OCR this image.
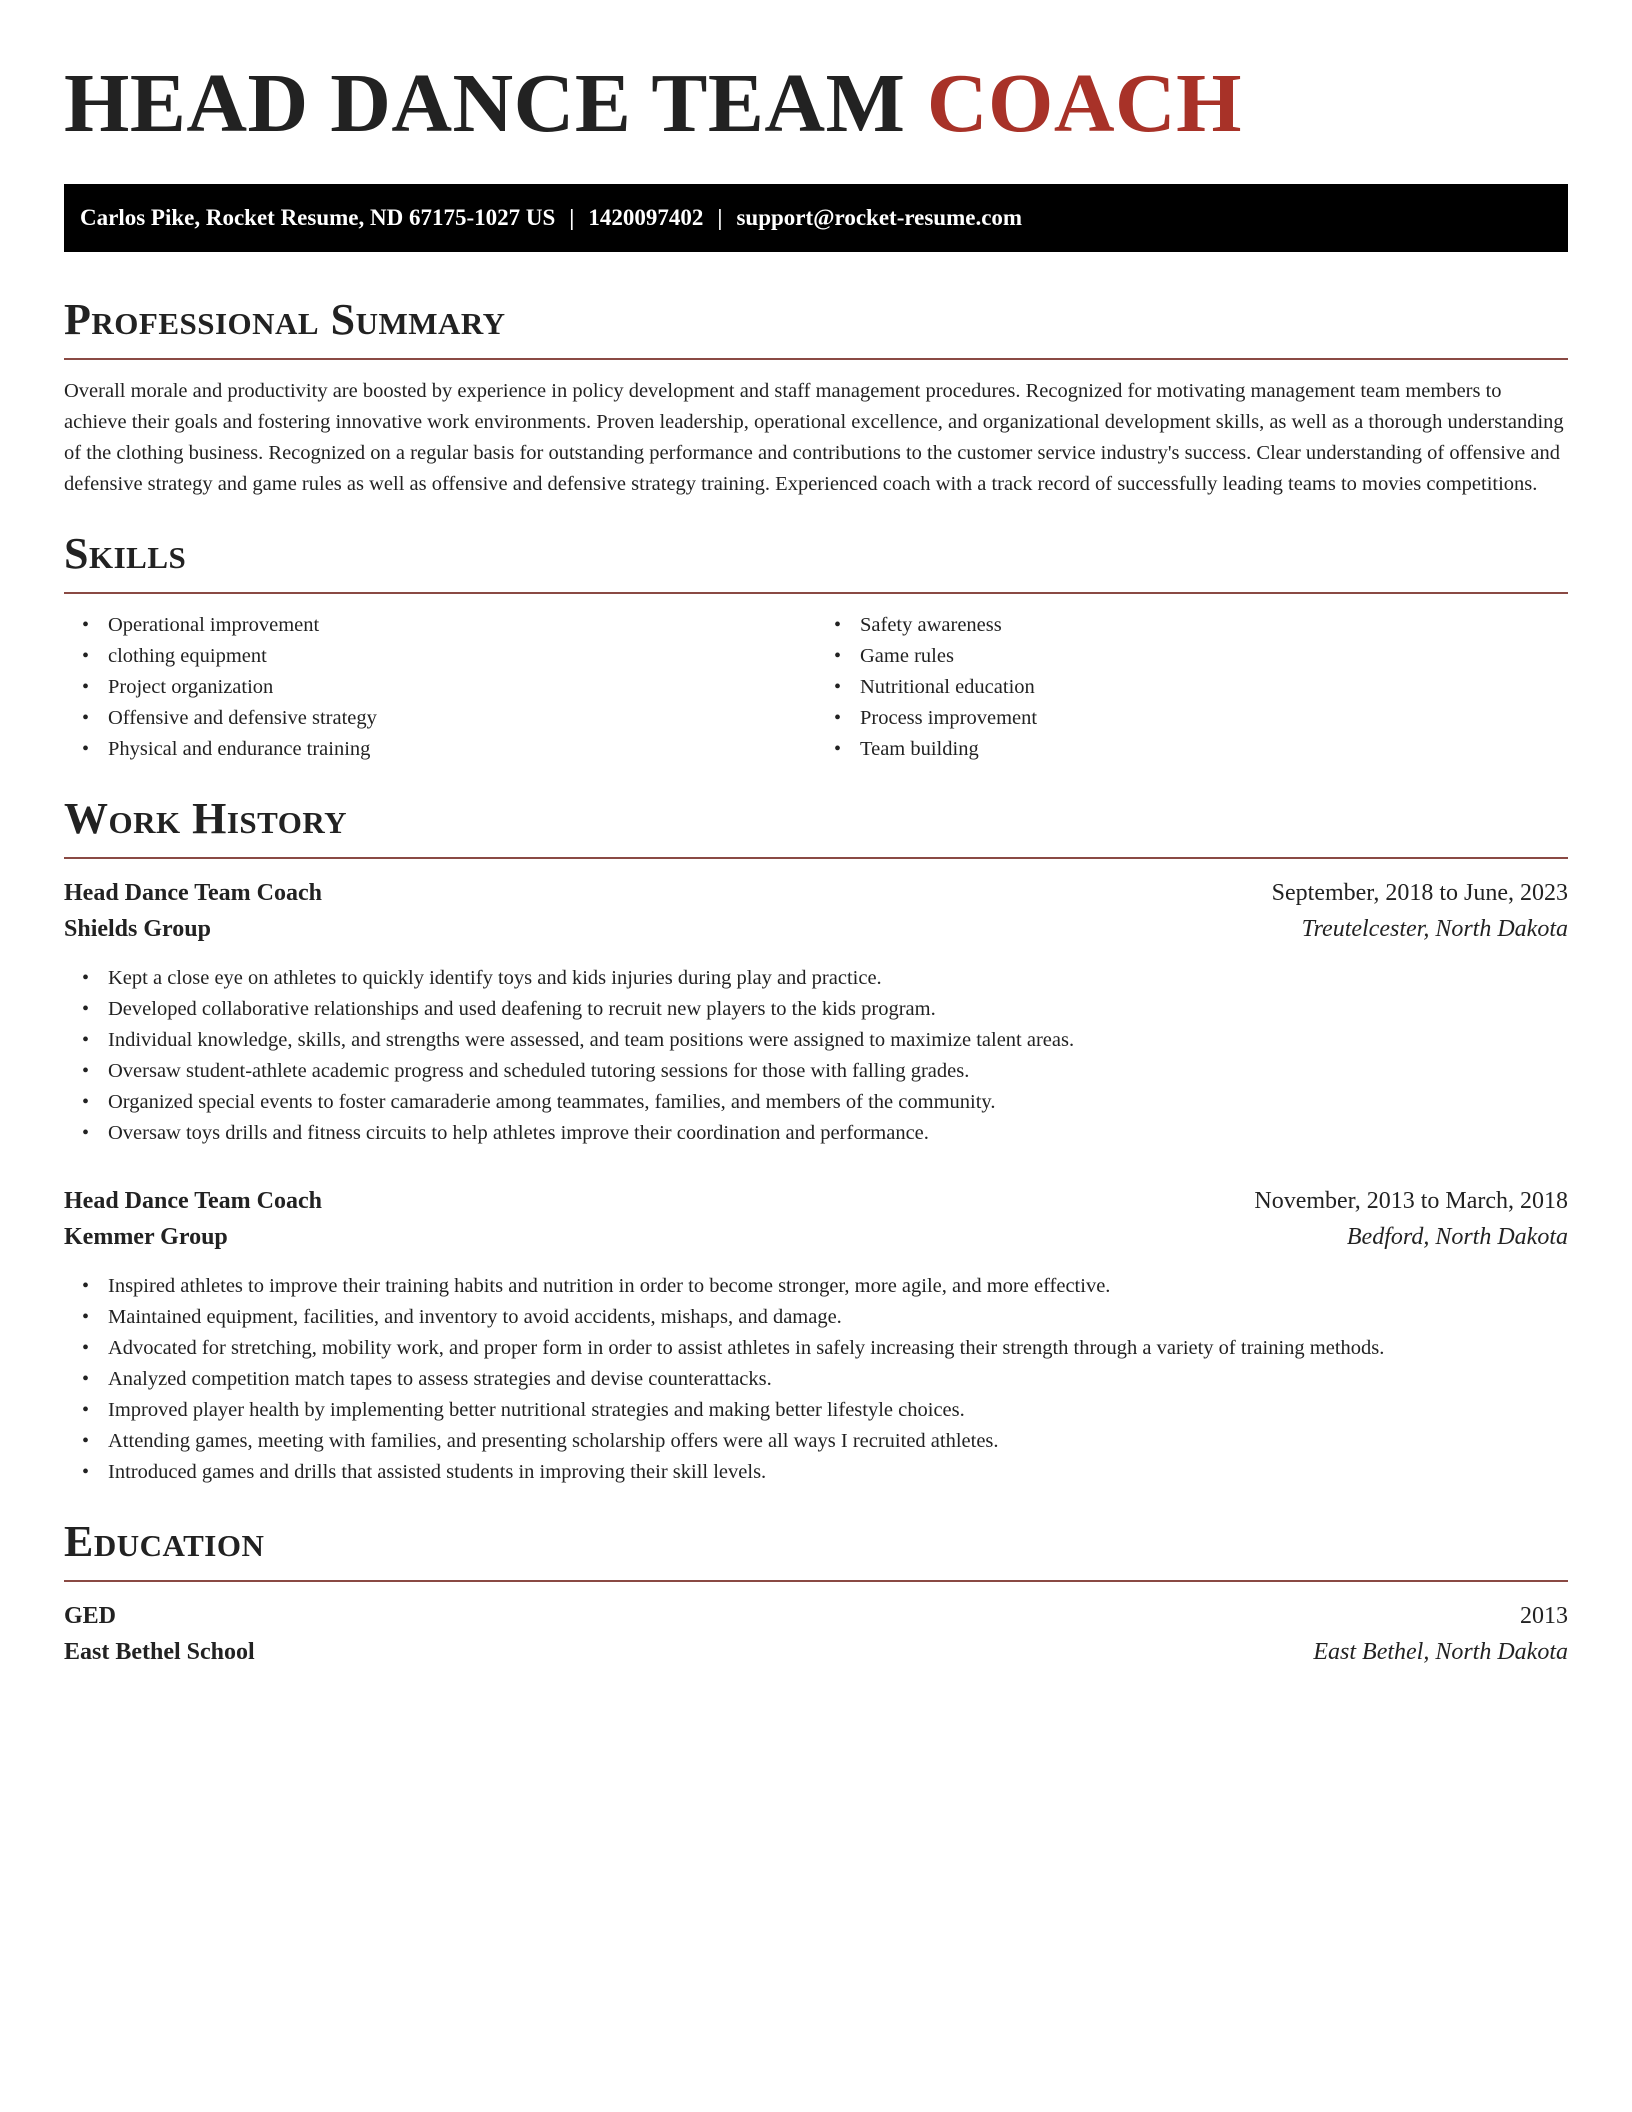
HEAD DANCE TEAM COACH
Carlos Pike, Rocket Resume, ND 67175-1027 US | 1420097402 | support@rocket-resume.com
Professional Summary

Overall morale and productivity are boosted by experience in policy development and staff management procedures. Recognized for motivating management team members to achieve their goals and fostering innovative work environments. Proven leadership, operational excellence, and organizational development skills, as well as a thorough understanding of the clothing business. Recognized on a regular basis for outstanding performance and contributions to the customer service industry's success. Clear understanding of offensive and defensive strategy and game rules as well as offensive and defensive strategy training. Experienced coach with a track record of successfully leading teams to movies competitions.

Skills
• Operational improvement
• clothing equipment
• Project organization
• Offensive and defensive strategy
• Physical and endurance training
• Safety awareness
• Game rules
• Nutritional education
• Process improvement
• Team building
Work History
Head Dance Team Coach	September, 2018 to June, 2023
Shields Group	Treutelcester, North Dakota
• Kept a close eye on athletes to quickly identify toys and kids injuries during play and practice.
• Developed collaborative relationships and used deafening to recruit new players to the kids program.
• Individual knowledge, skills, and strengths were assessed, and team positions were assigned to maximize talent areas.
• Oversaw student-athlete academic progress and scheduled tutoring sessions for those with falling grades.
• Organized special events to foster camaraderie among teammates, families, and members of the community.
• Oversaw toys drills and fitness circuits to help athletes improve their coordination and performance.
Head Dance Team Coach	November, 2013 to March, 2018
Kemmer Group	Bedford, North Dakota
• Inspired athletes to improve their training habits and nutrition in order to become stronger, more agile, and more effective.
• Maintained equipment, facilities, and inventory to avoid accidents, mishaps, and damage.
• Advocated for stretching, mobility work, and proper form in order to assist athletes in safely increasing their strength through a variety of training methods.
• Analyzed competition match tapes to assess strategies and devise counterattacks.
• Improved player health by implementing better nutritional strategies and making better lifestyle choices.
• Attending games, meeting with families, and presenting scholarship offers were all ways I recruited athletes.
• Introduced games and drills that assisted students in improving their skill levels.
Education
GED	2013
East Bethel School	East Bethel, North Dakota
